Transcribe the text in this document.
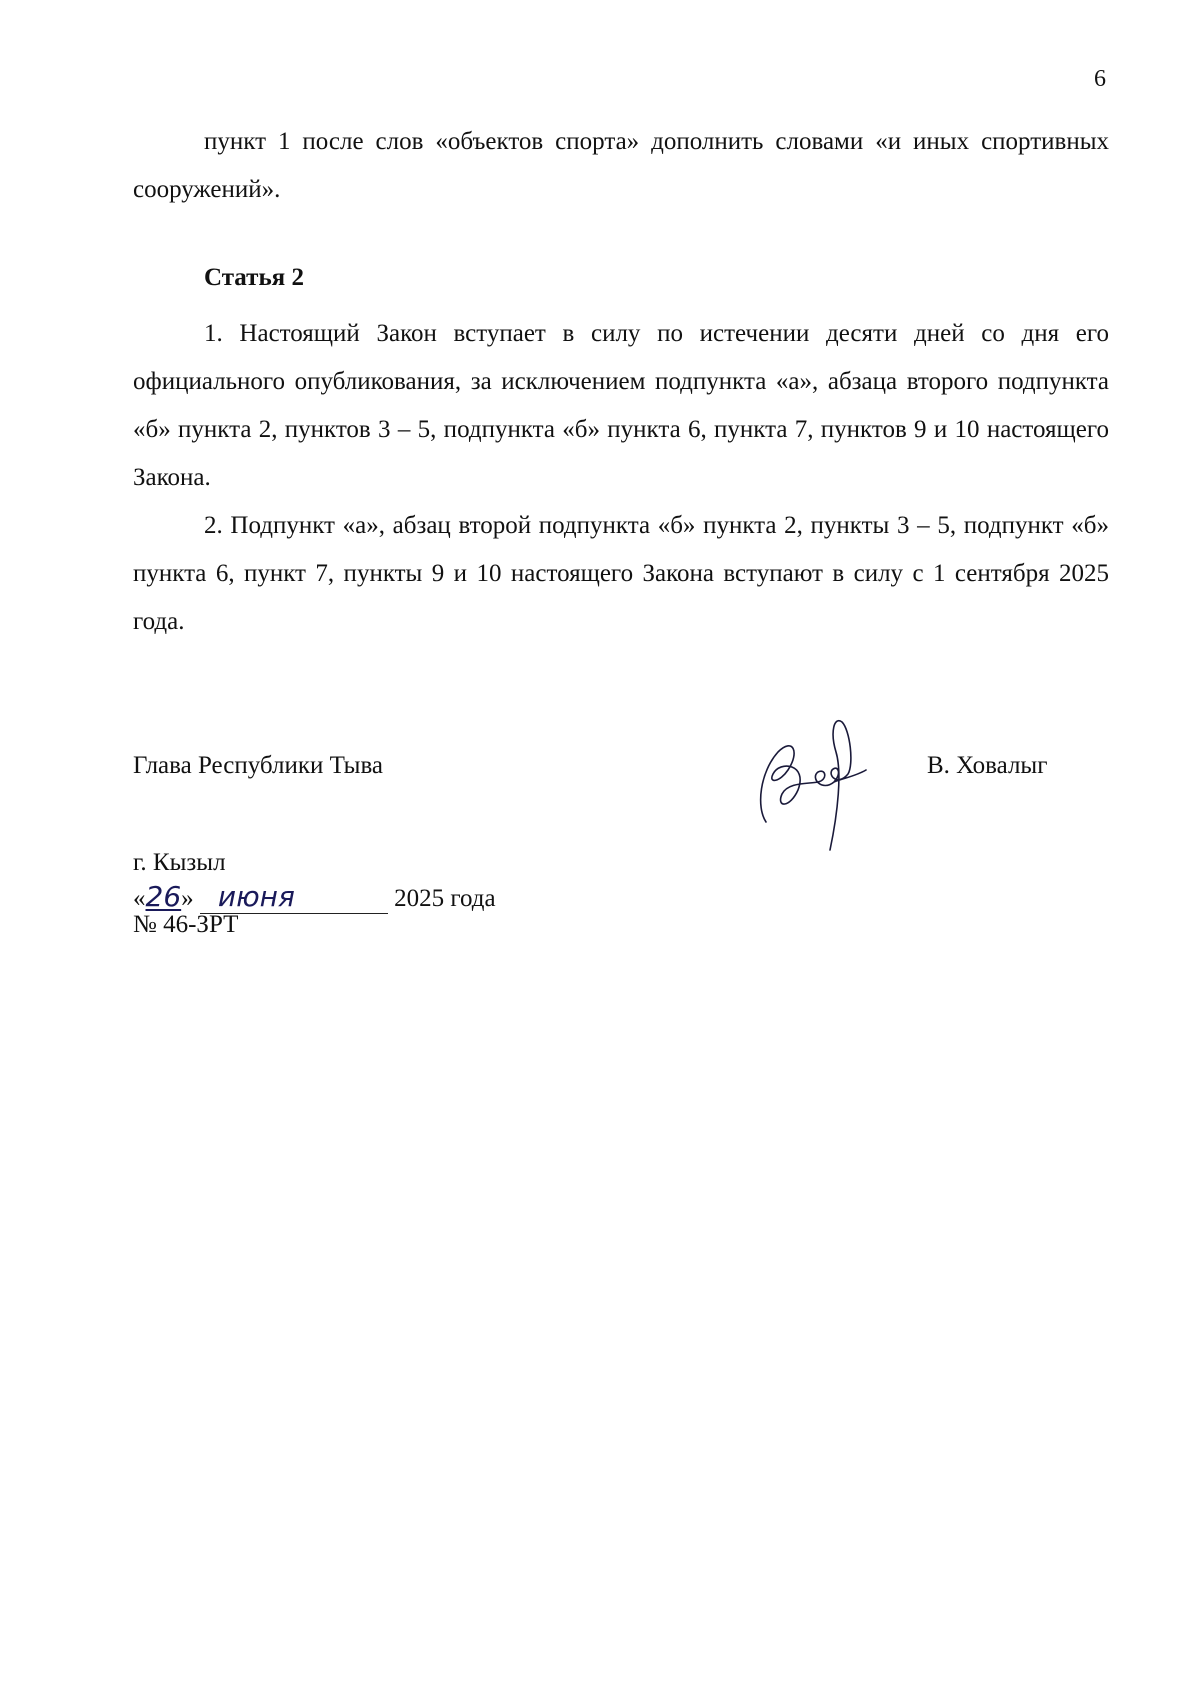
6

пункт 1 после слов «объектов спорта» дополнить словами «и иных спортивных сооружений».

Статья 2

1. Настоящий Закон вступает в силу по истечении десяти дней со дня его официального опубликования, за исключением подпункта «а», абзаца второго подпункта «б» пункта 2, пунктов 3 – 5, подпункта «б» пункта 6, пункта 7, пунктов 9 и 10 настоящего Закона.

2. Подпункт «а», абзац второй подпункта «б» пункта 2, пункты 3 – 5, подпункт «б» пункта 6, пункт 7, пункты 9 и 10 настоящего Закона вступают в силу с 1 сентября 2025 года.

Глава Республики Тыва	В. Ховалыг
г. Кызыл
«26» июня	2025 года
№ 46-ЗРТ
